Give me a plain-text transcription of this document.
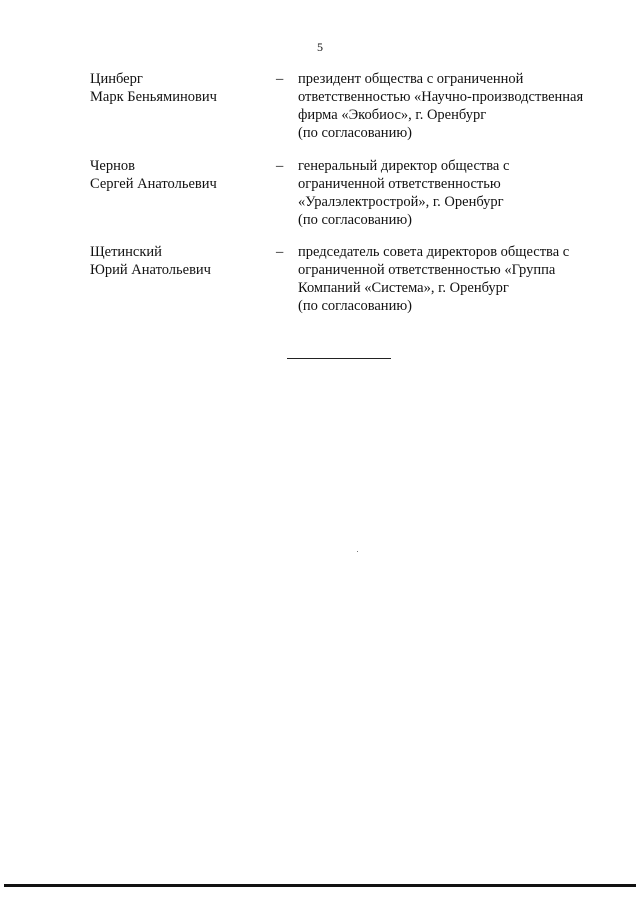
5
Цинберг
Марк Беньяминович
– президент общества с ограниченной
ответственностью «Научно-производственная
фирма «Экобиос», г. Оренбург
(по согласованию)
Чернов
Сергей Анатольевич
– генеральный директор общества с
ограниченной ответственностью
«Уралэлектрострой», г. Оренбург
(по согласованию)
Щетинский
Юрий Анатольевич
– председатель совета директоров общества с
ограниченной ответственностью «Группа
Компаний «Система», г. Оренбург
(по согласованию)
